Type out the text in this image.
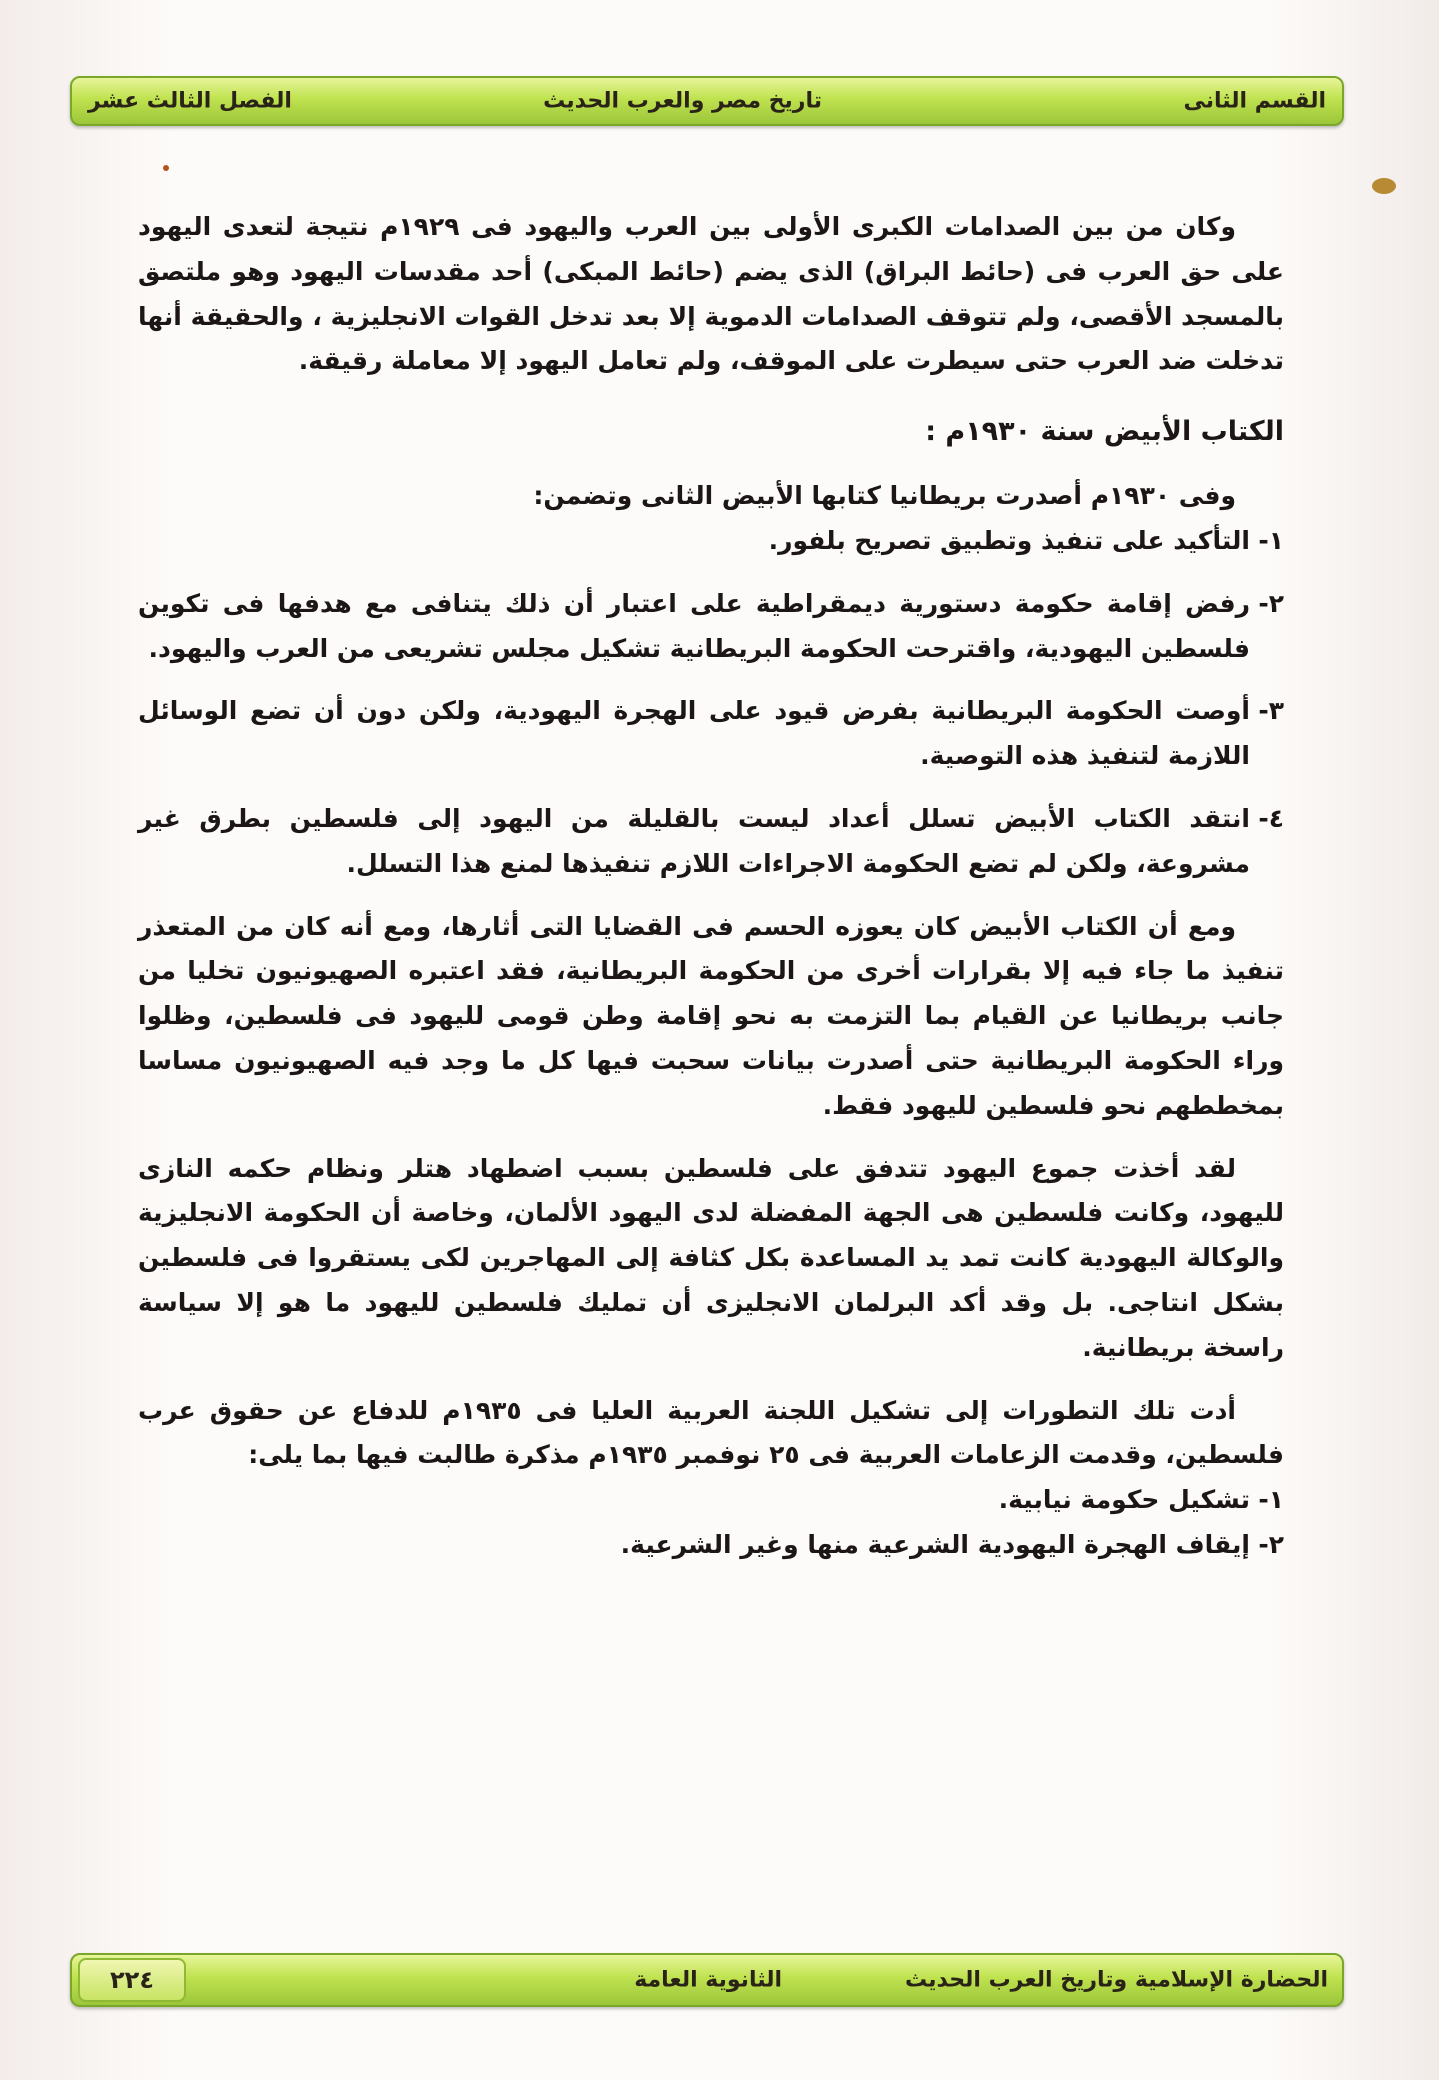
القسم الثانى
تاريخ مصر والعرب الحديث
الفصل الثالث عشر

وكان من بين الصدامات الكبرى الأولى بين العرب واليهود فى ١٩٢٩م نتيجة لتعدى اليهود على حق العرب فى (حائط البراق) الذى يضم (حائط المبكى) أحد مقدسات اليهود وهو ملتصق بالمسجد الأقصى، ولم تتوقف الصدامات الدموية إلا بعد تدخل القوات الانجليزية ، والحقيقة أنها تدخلت ضد العرب حتى سيطرت على الموقف، ولم تعامل اليهود إلا معاملة رقيقة.

الكتاب الأبيض سنة ١٩٣٠م :

وفى ١٩٣٠م أصدرت بريطانيا كتابها الأبيض الثانى وتضمن:

١-
التأكيد على تنفيذ وتطبيق تصريح بلفور.
٢-
رفض إقامة حكومة دستورية ديمقراطية على اعتبار أن ذلك يتنافى مع هدفها فى تكوين فلسطين اليهودية، واقترحت الحكومة البريطانية تشكيل مجلس تشريعى من العرب واليهود.
٣-
أوصت الحكومة البريطانية بفرض قيود على الهجرة اليهودية، ولكن دون أن تضع الوسائل اللازمة لتنفيذ هذه التوصية.
٤-
انتقد الكتاب الأبيض تسلل أعداد ليست بالقليلة من اليهود إلى فلسطين بطرق غير مشروعة، ولكن لم تضع الحكومة الاجراءات اللازم تنفيذها لمنع هذا التسلل.

ومع أن الكتاب الأبيض كان يعوزه الحسم فى القضايا التى أثارها، ومع أنه كان من المتعذر تنفيذ ما جاء فيه إلا بقرارات أخرى من الحكومة البريطانية، فقد اعتبره الصهيونيون تخليا من جانب بريطانيا عن القيام بما التزمت به نحو إقامة وطن قومى لليهود فى فلسطين، وظلوا وراء الحكومة البريطانية حتى أصدرت بيانات سحبت فيها كل ما وجد فيه الصهيونيون مساسا بمخططهم نحو فلسطين لليهود فقط.

لقد أخذت جموع اليهود تتدفق على فلسطين بسبب اضطهاد هتلر ونظام حكمه النازى لليهود، وكانت فلسطين هى الجهة المفضلة لدى اليهود الألمان، وخاصة أن الحكومة الانجليزية والوكالة اليهودية كانت تمد يد المساعدة بكل كثافة إلى المهاجرين لكى يستقروا فى فلسطين بشكل انتاجى. بل وقد أكد البرلمان الانجليزى أن تمليك فلسطين لليهود ما هو إلا سياسة راسخة بريطانية.

أدت تلك التطورات إلى تشكيل اللجنة العربية العليا فى ١٩٣٥م للدفاع عن حقوق عرب فلسطين، وقدمت الزعامات العربية فى ٢٥ نوفمبر ١٩٣٥م مذكرة طالبت فيها بما يلى:

١-
تشكيل حكومة نيابية.
٢-
إيقاف الهجرة اليهودية الشرعية منها وغير الشرعية.
الحضارة الإسلامية وتاريخ العرب الحديث
الثانوية العامة
٢٢٤
